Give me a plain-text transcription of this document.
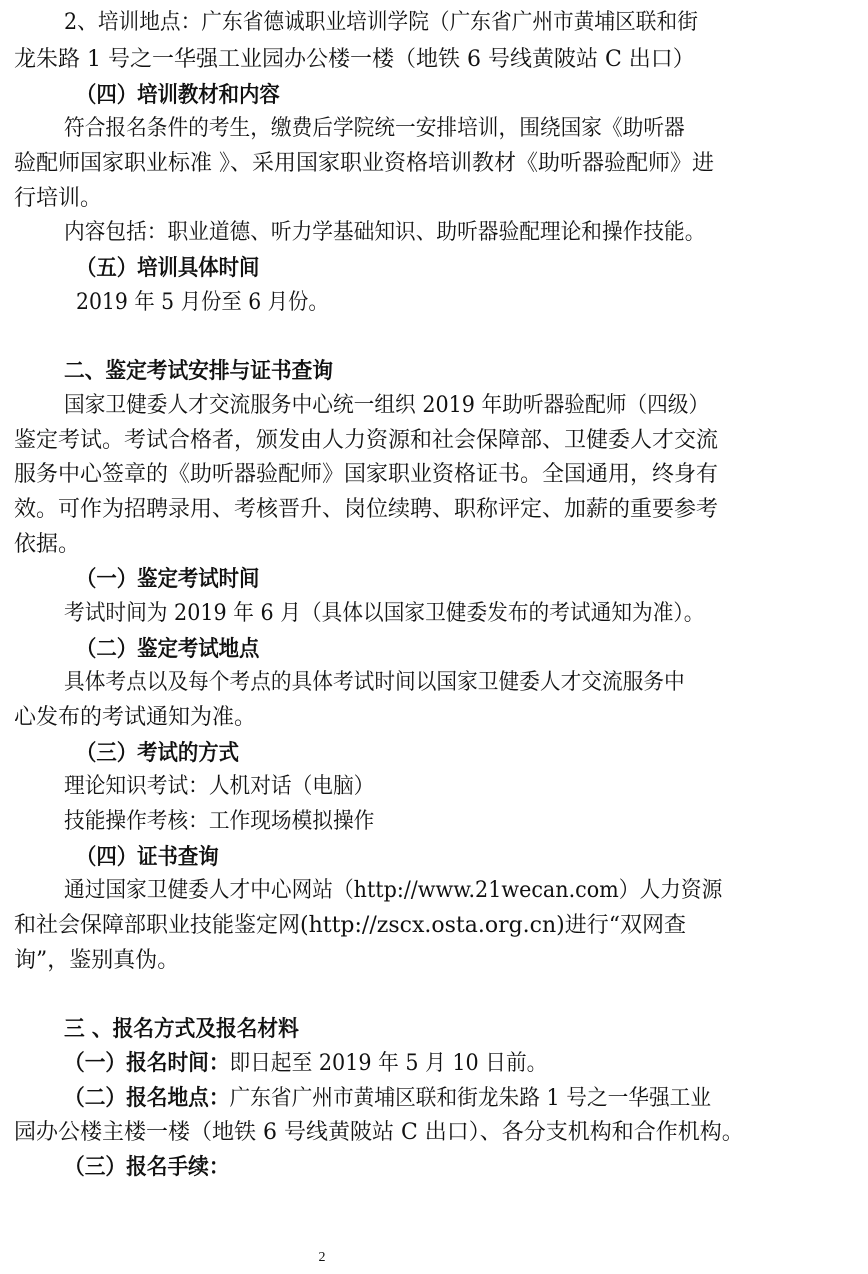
2、培训地点：广东省德诚职业培训学院（广东省广州市黄埔区联和街
龙朱路 1 号之一华强工业园办公楼一楼（地铁 6 号线黄陂站 C 出口）
（四）培训教材和内容
符合报名条件的考生，缴费后学院统一安排培训，围绕国家《助听器
验配师国家职业标准 》、采用国家职业资格培训教材《助听器验配师》进
行培训。
内容包括：职业道德、听力学基础知识、助听器验配理论和操作技能。
（五）培训具体时间
2019 年 5 月份至 6 月份。
二、鉴定考试安排与证书查询
国家卫健委人才交流服务中心统一组织 2019 年助听器验配师（四级）
鉴定考试。考试合格者，颁发由人力资源和社会保障部、卫健委人才交流
服务中心签章的《助听器验配师》国家职业资格证书。全国通用，终身有
效。可作为招聘录用、考核晋升、岗位续聘、职称评定、加薪的重要参考
依据。
（一）鉴定考试时间
考试时间为 2019 年 6 月（具体以国家卫健委发布的考试通知为准）。
（二）鉴定考试地点
具体考点以及每个考点的具体考试时间以国家卫健委人才交流服务中
心发布的考试通知为准。
（三）考试的方式
理论知识考试：人机对话（电脑）
技能操作考核：工作现场模拟操作
（四）证书查询
通过国家卫健委人才中心网站（http://www.21wecan.com）人力资源
和社会保障部职业技能鉴定网(http://zscx.osta.org.cn)进行“双网查
询”，鉴别真伪。
三 、报名方式及报名材料
（一）报名时间：即日起至 2019 年 5 月 10 日前。
（二）报名地点：广东省广州市黄埔区联和街龙朱路 1 号之一华强工业
园办公楼主楼一楼（地铁 6 号线黄陂站 C 出口）、各分支机构和合作机构。
（三）报名手续：
2
